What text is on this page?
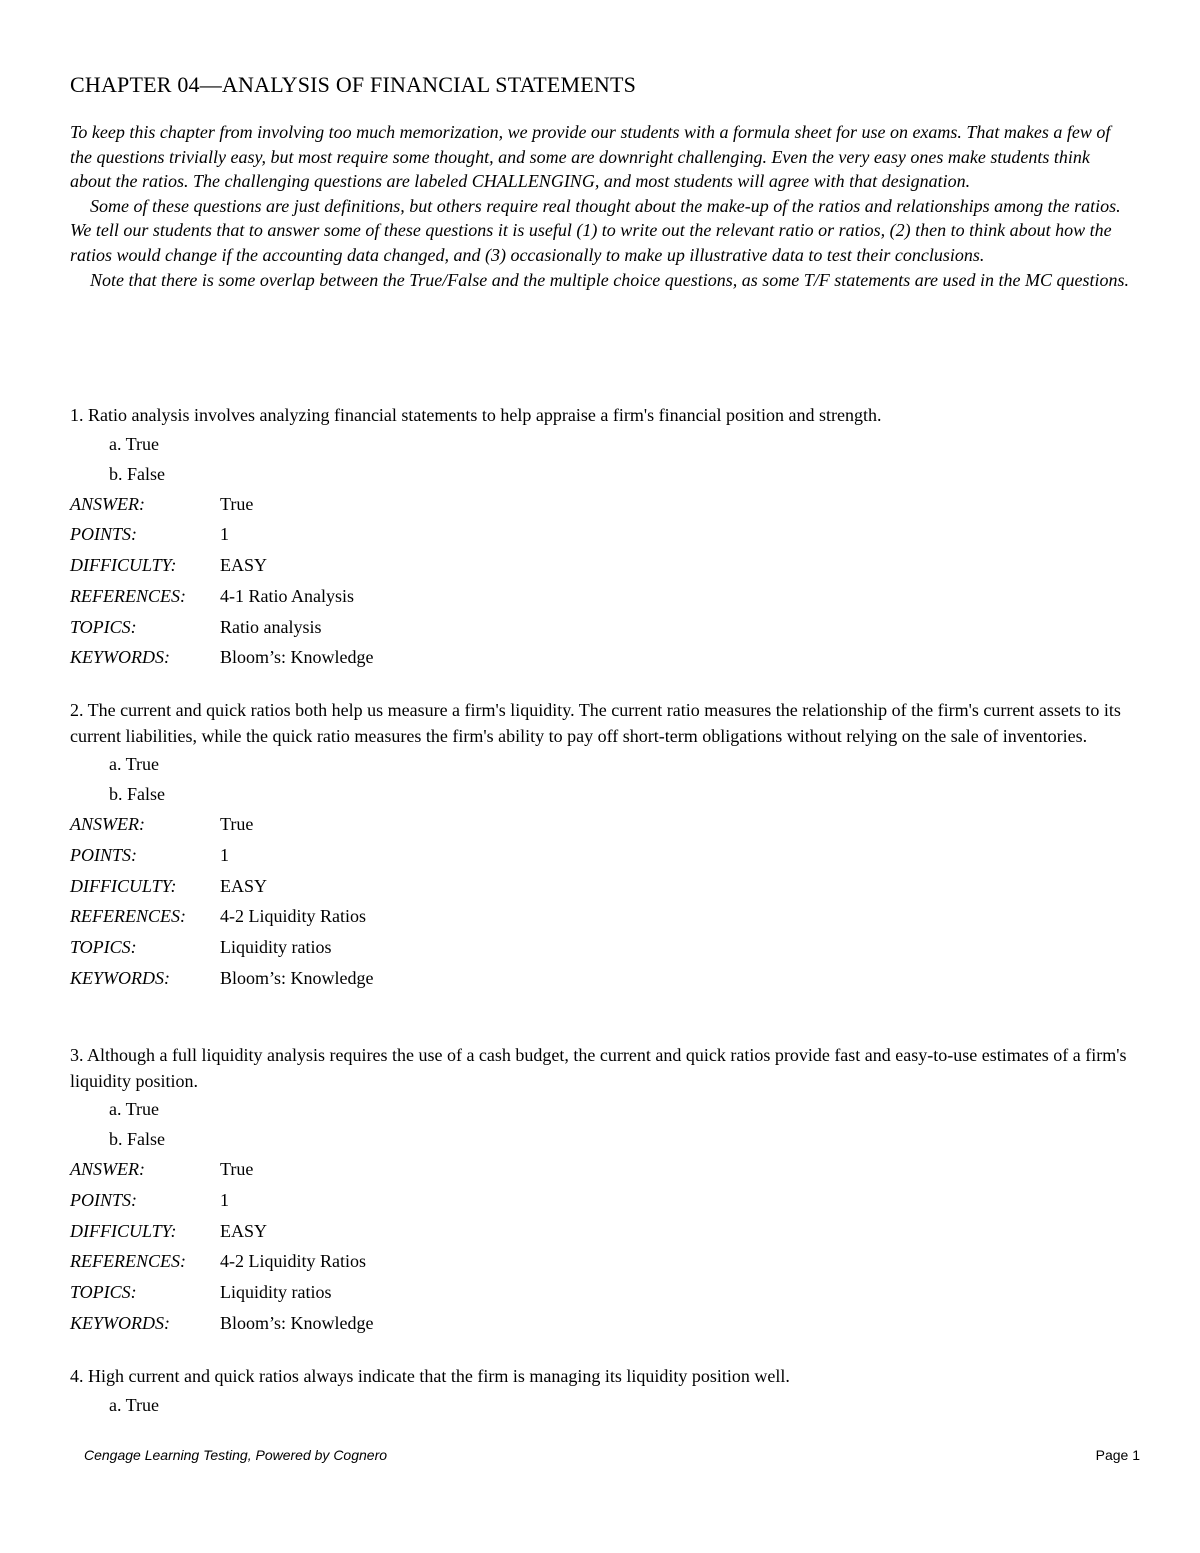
CHAPTER 04—ANALYSIS OF FINANCIAL STATEMENTS

To keep this chapter from involving too much memorization, we provide our students with a formula sheet for use on exams. That makes a few of the questions trivially easy, but most require some thought, and some are downright challenging. Even the very easy ones make students think about the ratios. The challenging questions are labeled CHALLENGING, and most students will agree with that designation.

Some of these questions are just definitions, but others require real thought about the make-up of the ratios and relationships among the ratios. We tell our students that to answer some of these questions it is useful (1) to write out the relevant ratio or ratios, (2) then to think about how the ratios would change if the accounting data changed, and (3) occasionally to make up illustrative data to test their conclusions.

Note that there is some overlap between the True/False and the multiple choice questions, as some T/F statements are used in the MC questions.

1. Ratio analysis involves analyzing financial statements to help appraise a firm's financial position and strength.

a. True
b. False
ANSWER:	True
POINTS:	1
DIFFICULTY:	EASY
REFERENCES:	4-1 Ratio Analysis
TOPICS:	Ratio analysis
KEYWORDS:	Bloom’s: Knowledge

2. The current and quick ratios both help us measure a firm's liquidity. The current ratio measures the relationship of the firm's current assets to its current liabilities, while the quick ratio measures the firm's ability to pay off short-term obligations without relying on the sale of inventories.

a. True
b. False
ANSWER:	True
POINTS:	1
DIFFICULTY:	EASY
REFERENCES:	4-2 Liquidity Ratios
TOPICS:	Liquidity ratios
KEYWORDS:	Bloom’s: Knowledge

3. Although a full liquidity analysis requires the use of a cash budget, the current and quick ratios provide fast and easy-to-use estimates of a firm's liquidity position.

a. True
b. False
ANSWER:	True
POINTS:	1
DIFFICULTY:	EASY
REFERENCES:	4-2 Liquidity Ratios
TOPICS:	Liquidity ratios
KEYWORDS:	Bloom’s: Knowledge

4. High current and quick ratios always indicate that the firm is managing its liquidity position well.

a. True
Cengage Learning Testing, Powered by Cognero	Page 1
